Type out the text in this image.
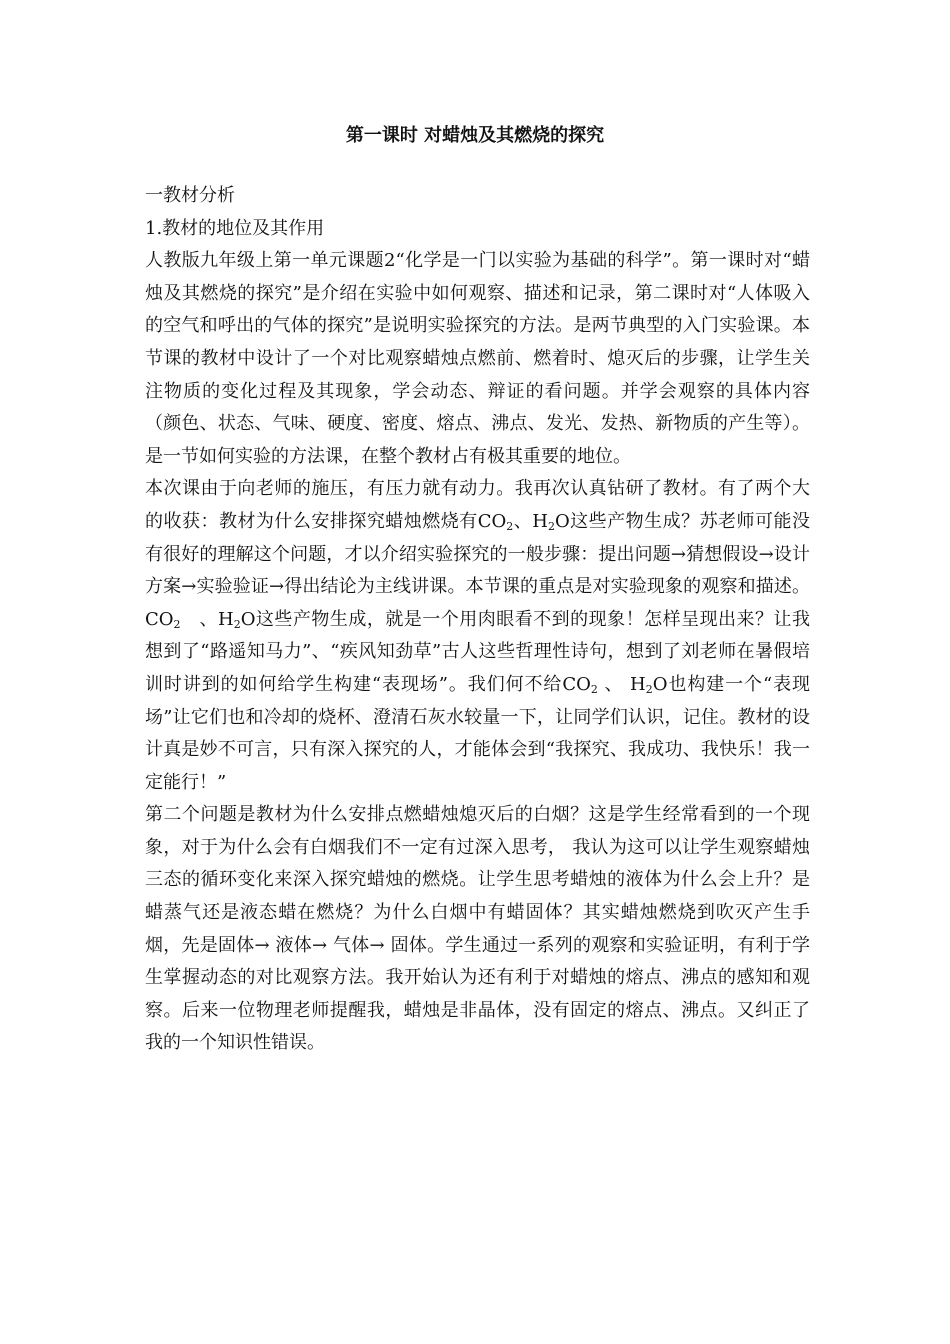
第一课时 对蜡烛及其燃烧的探究

一教材分析

1.教材的地位及其作用

人教版九年级上第一单元课题2“化学是一门以实验为基础的科学”。第一课时对“蜡烛及其燃烧的探究”是介绍在实验中如何观察、描述和记录，第二课时对“人体吸入的空气和呼出的气体的探究”是说明实验探究的方法。是两节典型的入门实验课。本节课的教材中设计了一个对比观察蜡烛点燃前、燃着时、熄灭后的步骤，让学生关注物质的变化过程及其现象，学会动态、辩证的看问题。并学会观察的具体内容（颜色、状态、气味、硬度、密度、熔点、沸点、发光、发热、新物质的产生等）。是一节如何实验的方法课，在整个教材占有极其重要的地位。

本次课由于向老师的施压，有压力就有动力。我再次认真钻研了教材。有了两个大的收获：教材为什么安排探究蜡烛燃烧有$CO_2$、$H_2O$这些产物生成？苏老师可能没有很好的理解这个问题，才以介绍实验探究的一般步骤：提出问题→猜想假设→设计方案→实验验证→得出结论为主线讲课。本节课的重点是对实验现象的观察和描述。$CO_2$　、$H_2O$这些产物生成，就是一个用肉眼看不到的现象！怎样呈现出来？让我想到了“路遥知马力”、“疾风知劲草”古人这些哲理性诗句，想到了刘老师在暑假培训时讲到的如何给学生构建“表现场”。我们何不给$CO_2$ 、 $H_2O$也构建一个“表现场”让它们也和冷却的烧杯、澄清石灰水较量一下，让同学们认识，记住。教材的设计真是妙不可言，只有深入探究的人，才能体会到“我探究、我成功、我快乐！我一定能行！”

第二个问题是教材为什么安排点燃蜡烛熄灭后的白烟？这是学生经常看到的一个现象，对于为什么会有白烟我们不一定有过深入思考， 我认为这可以让学生观察蜡烛三态的循环变化来深入探究蜡烛的燃烧。让学生思考蜡烛的液体为什么会上升？是蜡蒸气还是液态蜡在燃烧？为什么白烟中有蜡固体？其实蜡烛燃烧到吹灭产生手烟，先是固体→ 液体→ 气体→ 固体。学生通过一系列的观察和实验证明，有利于学生掌握动态的对比观察方法。我开始认为还有利于对蜡烛的熔点、沸点的感知和观察。后来一位物理老师提醒我，蜡烛是非晶体，没有固定的熔点、沸点。又纠正了我的一个知识性错误。
